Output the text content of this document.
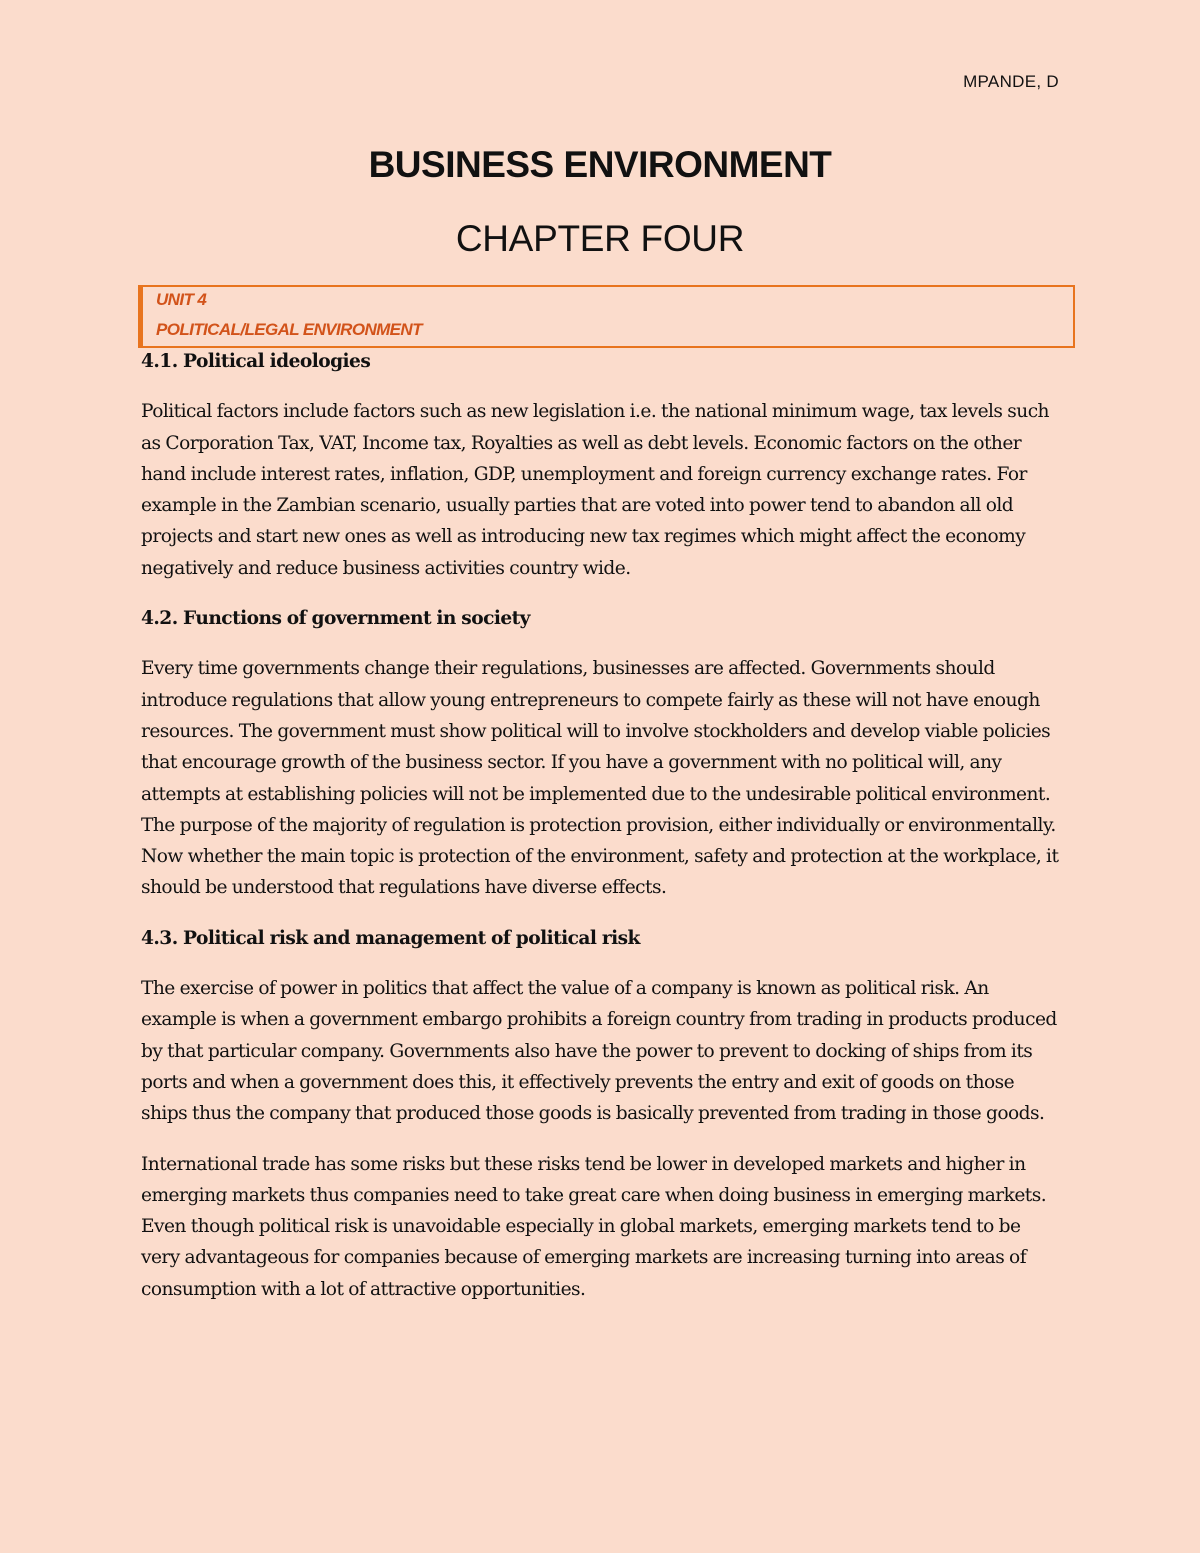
MPANDE, D
BUSINESS ENVIRONMENT
CHAPTER FOUR
UNIT 4
POLITICAL/LEGAL ENVIRONMENT
4.1. Political ideologies

Political factors include factors such as new legislation i.e. the national minimum wage, tax levels such as Corporation Tax, VAT, Income tax, Royalties as well as debt levels. Economic factors on the other hand include interest rates, inflation, GDP, unemployment and foreign currency exchange rates. For example in the Zambian scenario, usually parties that are voted into power tend to abandon all old projects and start new ones as well as introducing new tax regimes which might affect the economy negatively and reduce business activities country wide.

4.2. Functions of government in society

Every time governments change their regulations, businesses are affected. Governments should introduce regulations that allow young entrepreneurs to compete fairly as these will not have enough resources. The government must show political will to involve stockholders and develop viable policies that encourage growth of the business sector. If you have a government with no political will, any attempts at establishing policies will not be implemented due to the undesirable political environment. The purpose of the majority of regulation is protection provision, either individually or environmentally. Now whether the main topic is protection of the environment, safety and protection at the workplace, it should be understood that regulations have diverse effects.

4.3. Political risk and management of political risk

The exercise of power in politics that affect the value of a company is known as political risk. An example is when a government embargo prohibits a foreign country from trading in products produced by that particular company. Governments also have the power to prevent to docking of ships from its ports and when a government does this, it effectively prevents the entry and exit of goods on those ships thus the company that produced those goods is basically prevented from trading in those goods.

International trade has some risks but these risks tend be lower in developed markets and higher in emerging markets thus companies need to take great care when doing business in emerging markets. Even though political risk is unavoidable especially in global markets, emerging markets tend to be very advantageous for companies because of emerging markets are increasing turning into areas of consumption with a lot of attractive opportunities.
